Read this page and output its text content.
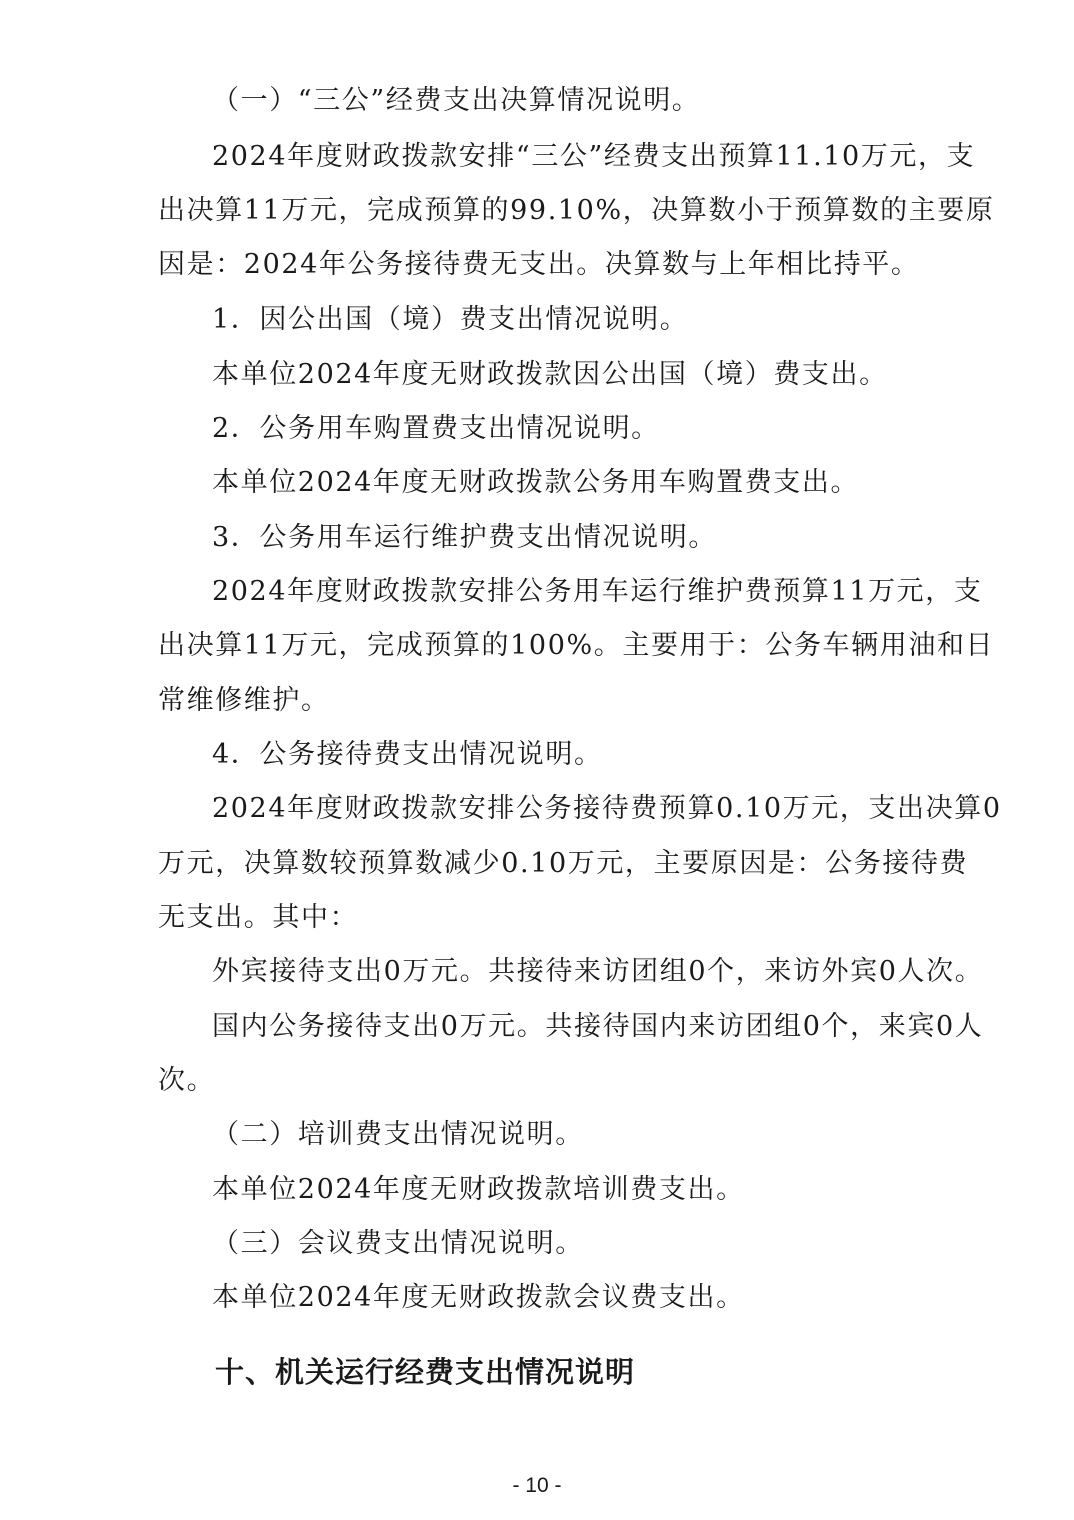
（一）“三公”经费支出决算情况说明。

2024年度财政拨款安排“三公”经费支出预算11.10万元，支

出决算11万元，完成预算的99.10%，决算数小于预算数的主要原

因是：2024年公务接待费无支出。决算数与上年相比持平。

1．因公出国（境）费支出情况说明。

本单位2024年度无财政拨款因公出国（境）费支出。

2．公务用车购置费支出情况说明。

本单位2024年度无财政拨款公务用车购置费支出。

3．公务用车运行维护费支出情况说明。

2024年度财政拨款安排公务用车运行维护费预算11万元，支

出决算11万元，完成预算的100%。主要用于：公务车辆用油和日

常维修维护。

4．公务接待费支出情况说明。

2024年度财政拨款安排公务接待费预算0.10万元，支出决算0

万元，决算数较预算数减少0.10万元，主要原因是：公务接待费

无支出。其中：

外宾接待支出0万元。共接待来访团组0个，来访外宾0人次。

国内公务接待支出0万元。共接待国内来访团组0个，来宾0人

次。

（二）培训费支出情况说明。

本单位2024年度无财政拨款培训费支出。

（三）会议费支出情况说明。

本单位2024年度无财政拨款会议费支出。

十、机关运行经费支出情况说明
- 10 -
